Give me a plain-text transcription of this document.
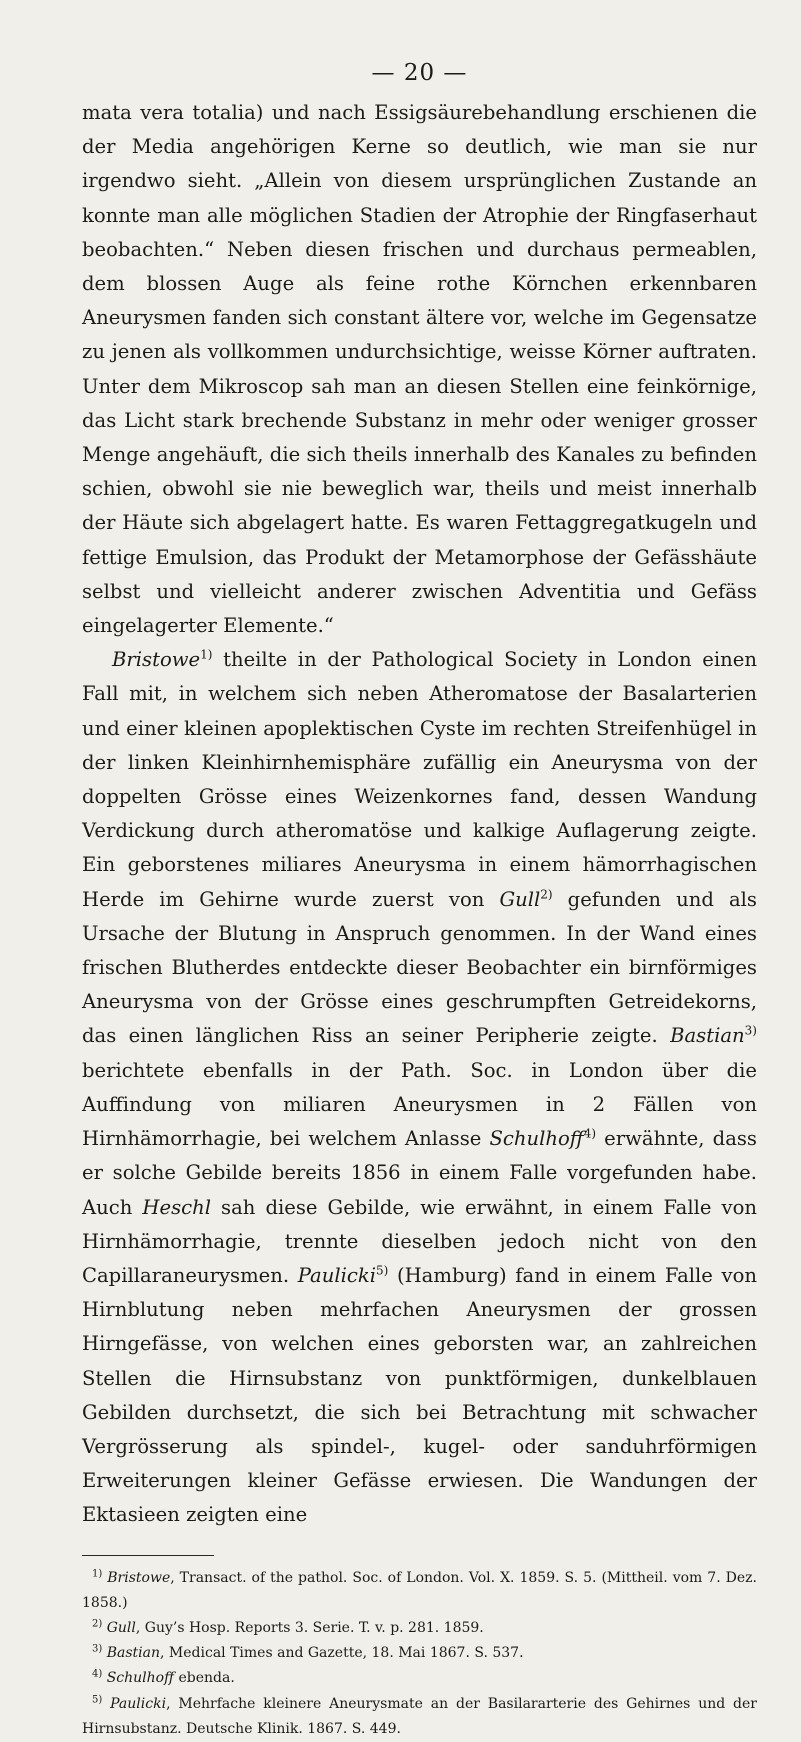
— 20 —

mata vera totalia) und nach Essigsäurebehandlung erschienen die der Media angehörigen Kerne so deutlich, wie man sie nur irgendwo sieht. „Allein von diesem ursprünglichen Zustande an konnte man alle möglichen Stadien der Atrophie der Ringfaserhaut beobachten.“ Neben diesen frischen und durchaus permeablen, dem blossen Auge als feine rothe Körnchen erkennbaren Aneurysmen fanden sich constant ältere vor, welche im Gegensatze zu jenen als vollkommen undurchsichtige, weisse Körner auftraten. Unter dem Mikroscop sah man an diesen Stellen eine feinkörnige, das Licht stark brechende Substanz in mehr oder weniger grosser Menge angehäuft, die sich theils innerhalb des Kanales zu befinden schien, obwohl sie nie beweglich war, theils und meist innerhalb der Häute sich abgelagert hatte. Es waren Fettaggregatkugeln und fettige Emulsion, das Produkt der Metamorphose der Gefässhäute selbst und vielleicht anderer zwischen Adventitia und Gefäss eingelagerter Elemente.“

Bristowe$^{1)}$ theilte in der Pathological Society in London einen Fall mit, in welchem sich neben Atheromatose der Basalarterien und einer kleinen apoplektischen Cyste im rechten Streifenhügel in der linken Kleinhirnhemisphäre zufällig ein Aneurysma von der doppelten Grösse eines Weizenkornes fand, dessen Wandung Verdickung durch atheromatöse und kalkige Auflagerung zeigte. Ein geborstenes miliares Aneurysma in einem hämorrhagischen Herde im Gehirne wurde zuerst von Gull$^{2)}$ gefunden und als Ursache der Blutung in Anspruch genommen. In der Wand eines frischen Blutherdes entdeckte dieser Beobachter ein birnförmiges Aneurysma von der Grösse eines geschrumpften Getreidekorns, das einen länglichen Riss an seiner Peripherie zeigte. Bastian$^{3)}$ berichtete ebenfalls in der Path. Soc. in London über die Auffindung von miliaren Aneurysmen in 2 Fällen von Hirnhämorrhagie, bei welchem Anlasse Schulhoff$^{4)}$ erwähnte, dass er solche Gebilde bereits 1856 in einem Falle vorgefunden habe. Auch Heschl sah diese Gebilde, wie erwähnt, in einem Falle von Hirnhämorrhagie, trennte dieselben jedoch nicht von den Capillaraneurysmen. Paulicki$^{5)}$ (Hamburg) fand in einem Falle von Hirnblutung neben mehrfachen Aneurysmen der grossen Hirngefässe, von welchen eines geborsten war, an zahlreichen Stellen die Hirnsubstanz von punktförmigen, dunkelblauen Gebilden durchsetzt, die sich bei Betrachtung mit schwacher Vergrösserung als spindel-, kugel- oder sanduhrförmigen Erweiterungen kleiner Gefässe erwiesen. Die Wandungen der Ektasieen zeigten eine

$^{1)}$ Bristowe, Transact. of the pathol. Soc. of London. Vol. X. 1859. S. 5. (Mittheil. vom 7. Dez. 1858.)

$^{2)}$ Gull, Guy’s Hosp. Reports 3. Serie. T. v. p. 281. 1859.

$^{3)}$ Bastian, Medical Times and Gazette, 18. Mai 1867. S. 537.

$^{4)}$ Schulhoff ebenda.

$^{5)}$ Paulicki, Mehrfache kleinere Aneurysmate an der Basilararterie des Gehirnes und der Hirnsubstanz. Deutsche Klinik. 1867. S. 449.
